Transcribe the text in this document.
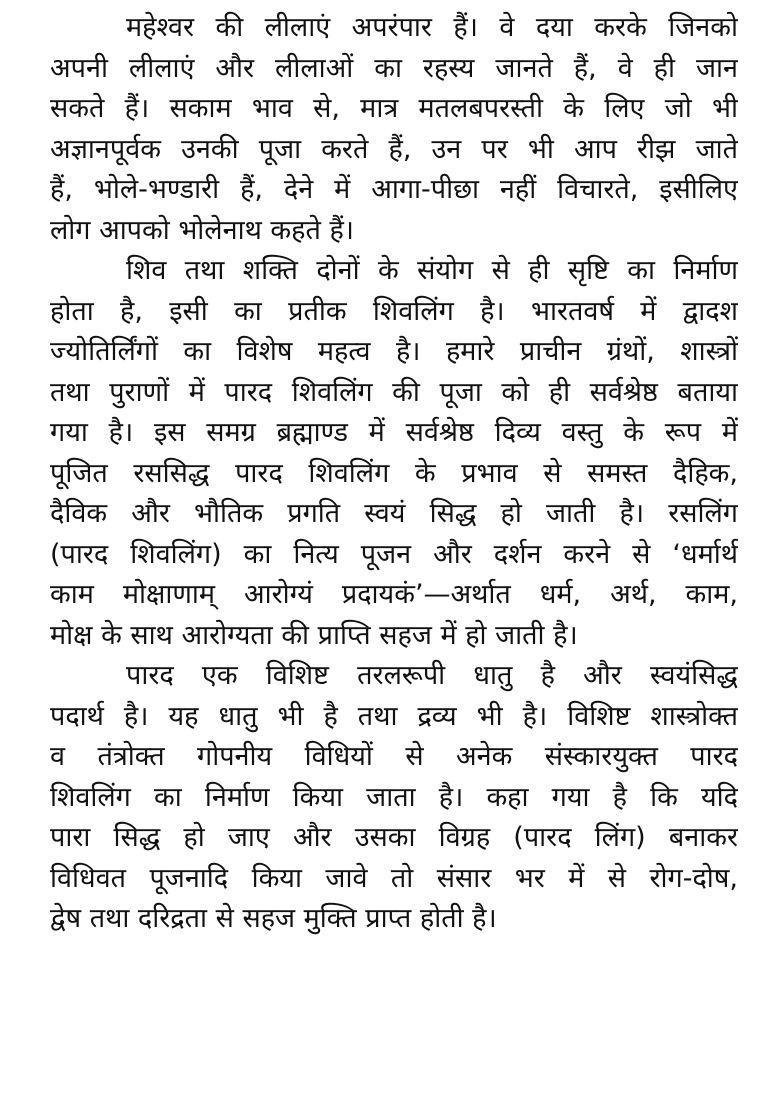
महेश्वर की लीलाएं अपरंपार हैं। वे दया करके जिनको
अपनी लीलाएं और लीलाओं का रहस्य जानते हैं, वे ही जान
सकते हैं। सकाम भाव से, मात्र मतलबपरस्ती के लिए जो भी
अज्ञानपूर्वक उनकी पूजा करते हैं, उन पर भी आप रीझ जाते
हैं, भोले-भण्डारी हैं, देने में आगा-पीछा नहीं विचारते, इसीलिए
लोग आपको भोलेनाथ कहते हैं।
शिव तथा शक्ति दोनों के संयोग से ही सृष्टि का निर्माण
होता है, इसी का प्रतीक शिवलिंग है। भारतवर्ष में द्वादश
ज्योतिर्लिंगों का विशेष महत्व है। हमारे प्राचीन ग्रंथों, शास्त्रों
तथा पुराणों में पारद शिवलिंग की पूजा को ही सर्वश्रेष्ठ बताया
गया है। इस समग्र ब्रह्माण्ड में सर्वश्रेष्ठ दिव्य वस्तु के रूप में
पूजित रससिद्ध पारद शिवलिंग के प्रभाव से समस्त दैहिक,
दैविक और भौतिक प्रगति स्वयं सिद्ध हो जाती है। रसलिंग
(पारद शिवलिंग) का नित्य पूजन और दर्शन करने से ‘धर्मार्थ
काम मोक्षाणाम् आरोग्यं प्रदायकं’—अर्थात धर्म, अर्थ, काम,
मोक्ष के साथ आरोग्यता की प्राप्ति सहज में हो जाती है।
पारद एक विशिष्ट तरलरूपी धातु है और स्वयंसिद्ध
पदार्थ है। यह धातु भी है तथा द्रव्य भी है। विशिष्ट शास्त्रोक्त
व तंत्रोक्त गोपनीय विधियों से अनेक संस्कारयुक्त पारद
शिवलिंग का निर्माण किया जाता है। कहा गया है कि यदि
पारा सिद्ध हो जाए और उसका विग्रह (पारद लिंग) बनाकर
विधिवत पूजनादि किया जावे तो संसार भर में से रोग-दोष,
द्वेष तथा दरिद्रता से सहज मुक्ति प्राप्त होती है।
